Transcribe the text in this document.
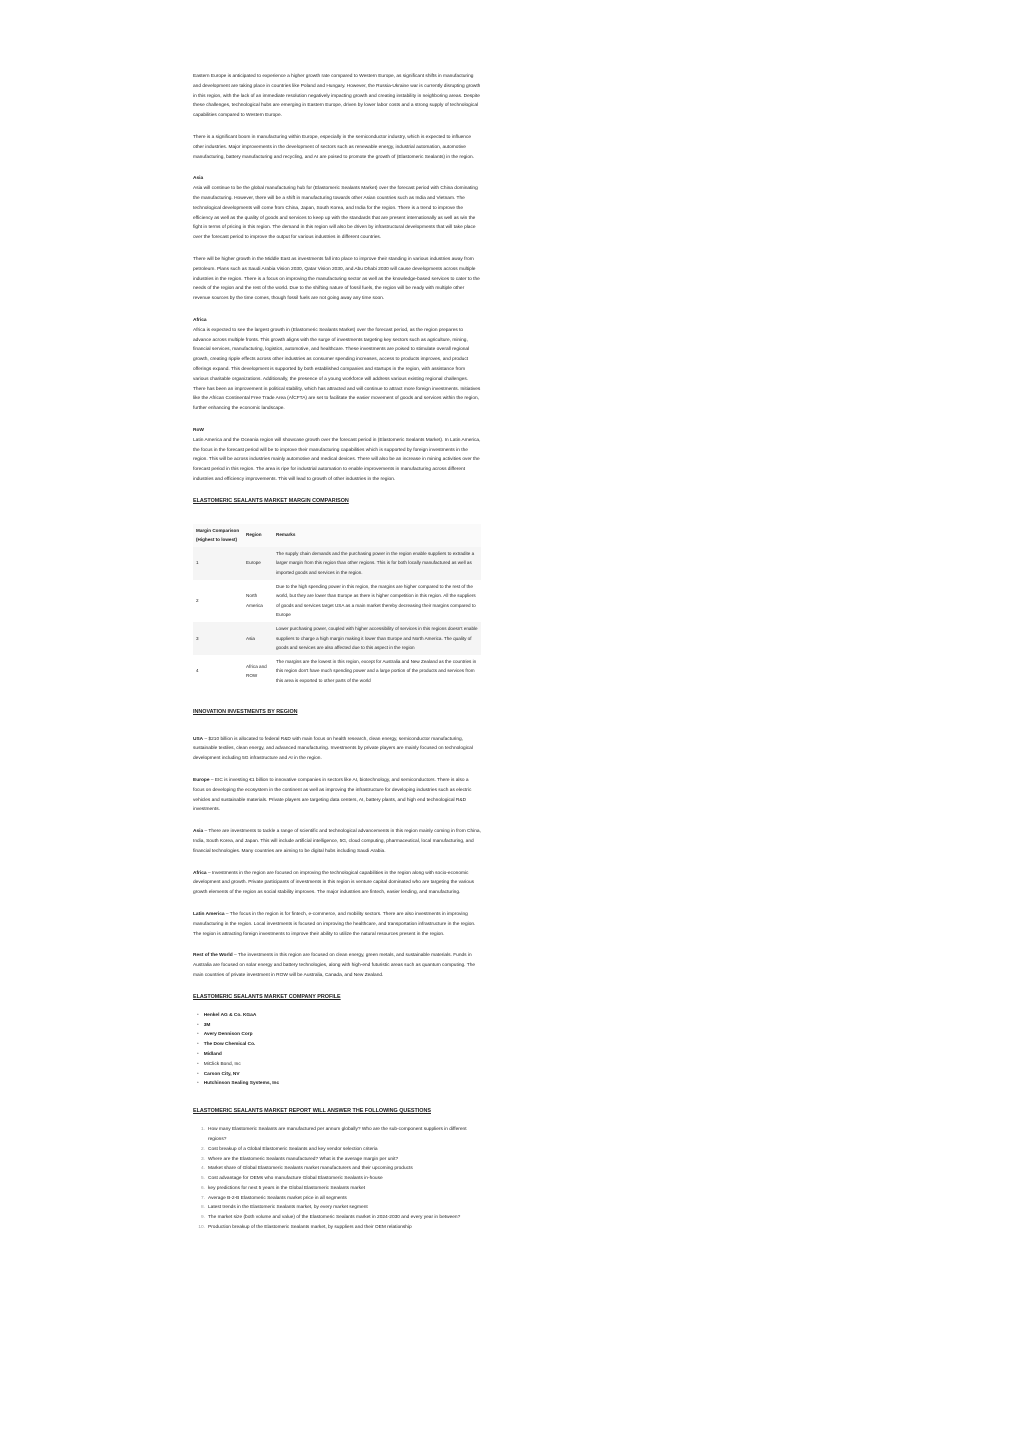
Eastern Europe is anticipated to experience a higher growth rate compared to Western Europe, as significant shifts in manufacturing and development are taking place in countries like Poland and Hungary. However, the Russia-Ukraine war is currently disrupting growth in this region, with the lack of an immediate resolution negatively impacting growth and creating instability in neighboring areas. Despite these challenges, technological hubs are emerging in Eastern Europe, driven by lower labor costs and a strong supply of technological capabilities compared to Western Europe.

There is a significant boom in manufacturing within Europe, especially in the semiconductor industry, which is expected to influence other industries. Major improvements in the development of sectors such as renewable energy, industrial automation, automotive manufacturing, battery manufacturing and recycling, and AI are poised to promote the growth of (Elastomeric Sealants) in the region.

Asia

Asia will continue to be the global manufacturing hub for (Elastomeric Sealants Market) over the forecast period with China dominating the manufacturing. However, there will be a shift in manufacturing towards other Asian countries such as India and Vietnam. The technological developments will come from China, Japan, South Korea, and India for the region. There is a trend to improve the efficiency as well as the quality of goods and services to keep up with the standards that are present internationally as well as win the fight in terms of pricing in this region. The demand in this region will also be driven by infrastructural developments that will take place over the forecast period to improve the output for various industries in different countries.

There will be higher growth in the Middle East as investments fall into place to improve their standing in various industries away from petroleum. Plans such as Saudi Arabia Vision 2030, Qatar Vision 2030, and Abu Dhabi 2030 will cause developments across multiple industries in the region. There is a focus on improving the manufacturing sector as well as the knowledge-based services to cater to the needs of the region and the rest of the world. Due to the shifting nature of fossil fuels, the region will be ready with multiple other revenue sources by the time comes, though fossil fuels are not going away any time soon.

Africa

Africa is expected to see the largest growth in (Elastomeric Sealants Market) over the forecast period, as the region prepares to advance across multiple fronts. This growth aligns with the surge of investments targeting key sectors such as agriculture, mining, financial services, manufacturing, logistics, automotive, and healthcare. These investments are poised to stimulate overall regional growth, creating ripple effects across other industries as consumer spending increases, access to products improves, and product offerings expand. This development is supported by both established companies and startups in the region, with assistance from various charitable organizations. Additionally, the presence of a young workforce will address various existing regional challenges. There has been an improvement in political stability, which has attracted and will continue to attract more foreign investments. Initiatives like the African Continental Free Trade Area (AfCFTA) are set to facilitate the easier movement of goods and services within the region, further enhancing the economic landscape.

RoW

Latin America and the Oceania region will showcase growth over the forecast period in (Elastomeric Sealants Market). In Latin America, the focus in the forecast period will be to improve their manufacturing capabilities which is supported by foreign investments in the region. This will be across industries mainly automotive and medical devices. There will also be an increase in mining activities over the forecast period in this region. The area is ripe for industrial automation to enable improvements in manufacturing across different industries and efficiency improvements. This will lead to growth of other industries in the region.

ELASTOMERIC SEALANTS MARKET MARGIN COMPARISON
Margin Comparison (Highest to lowest)	Region	Remarks
1	Europe	The supply chain demands and the purchasing power in the region enable suppliers to extradite a larger margin from this region than other regions. This is for both locally manufactured as well as imported goods and services in the region.
2	North America	Due to the high spending power in this region, the margins are higher compared to the rest of the world, but they are lower than Europe as there is higher competition in this region. All the suppliers of goods and services target USA as a main market thereby decreasing their margins compared to Europe
3	Asia	Lower purchasing power, coupled with higher accessibility of services in this regions doesn't enable suppliers to charge a high margin making it lower than Europe and North America. The quality of goods and services are also affected due to this aspect in the region
4	Africa and ROW	The margins are the lowest in this region, except for Australia and New Zealand as the countries in this region don't have much spending power and a large portion of the products and services from this area is exported to other parts of the world
INNOVATION INVESTMENTS BY REGION

USA – $210 billion is allocated to federal R&D with main focus on health research, clean energy, semiconductor manufacturing, sustainable textiles, clean energy, and advanced manufacturing. Investments by private players are mainly focused on technological development including 5G infrastructure and AI in the region.

Europe – EIC is investing €1 billion to innovative companies in sectors like AI, biotechnology, and semiconductors. There is also a focus on developing the ecosystem in the continent as well as improving the infrastructure for developing industries such as electric vehicles and sustainable materials. Private players are targeting data centers, AI, battery plants, and high end technological R&D investments.

Asia – There are investments to tackle a range of scientific and technological advancements in this region mainly coming in from China, India, South Korea, and Japan. This will include artificial intelligence, 5G, cloud computing, pharmaceutical, local manufacturing, and financial technologies. Many countries are aiming to be digital hubs including Saudi Arabia.

Africa – Investments in the region are focused on improving the technological capabilities in the region along with socio-economic development and growth. Private participants of investments in this region is venture capital dominated who are targeting the various growth elements of the region as social stability improves. The major industries are fintech, easier lending, and manufacturing.

Latin America – The focus in the region is for fintech, e-commerce, and mobility sectors. There are also investments in improving manufacturing in the region. Local investments is focused on improving the healthcare, and transportation infrastructure in the region. The region is attracting foreign investments to improve their ability to utilize the natural resources present in the region.

Rest of the World – The investments in this region are focused on clean energy, green metals, and sustainable materials. Funds in Australia are focused on solar energy and battery technologies, along with high-end futuristic areas such as quantum computing. The main countries of private investment in ROW will be Australia, Canada, and New Zealand.

ELASTOMERIC SEALANTS MARKET COMPANY PROFILE
• Henkel AG & Co. KGaA
• 3M
• Avery Dennison Corp
• The Dow Chemical Co.
• Midland
• MiClick Bond, Inc
• Carson City, NV
• Hutchinson Sealing Systems, Inc
ELASTOMERIC SEALANTS MARKET REPORT WILL ANSWER THE FOLLOWING QUESTIONS
1. How many Elastomeric Sealants are manufactured per annum globally? Who are the sub-component suppliers in different regions?
2. Cost breakup of a Global Elastomeric Sealants and key vendor selection criteria
3. Where are the Elastomeric Sealants manufactured? What is the average margin per unit?
4. Market share of Global Elastomeric Sealants market manufacturers and their upcoming products
5. Cost advantage for OEMs who manufacture Global Elastomeric Sealants in-house
6. key predictions for next 5 years in the Global Elastomeric Sealants market
7. Average B-2-B Elastomeric Sealants market price in all segments
8. Latest trends in the Elastomeric Sealants market, by every market segment
9. The market size (both volume and value) of the Elastomeric Sealants market in 2024-2030 and every year in between?
10. Production breakup of the Elastomeric Sealants market, by suppliers and their OEM relationship
